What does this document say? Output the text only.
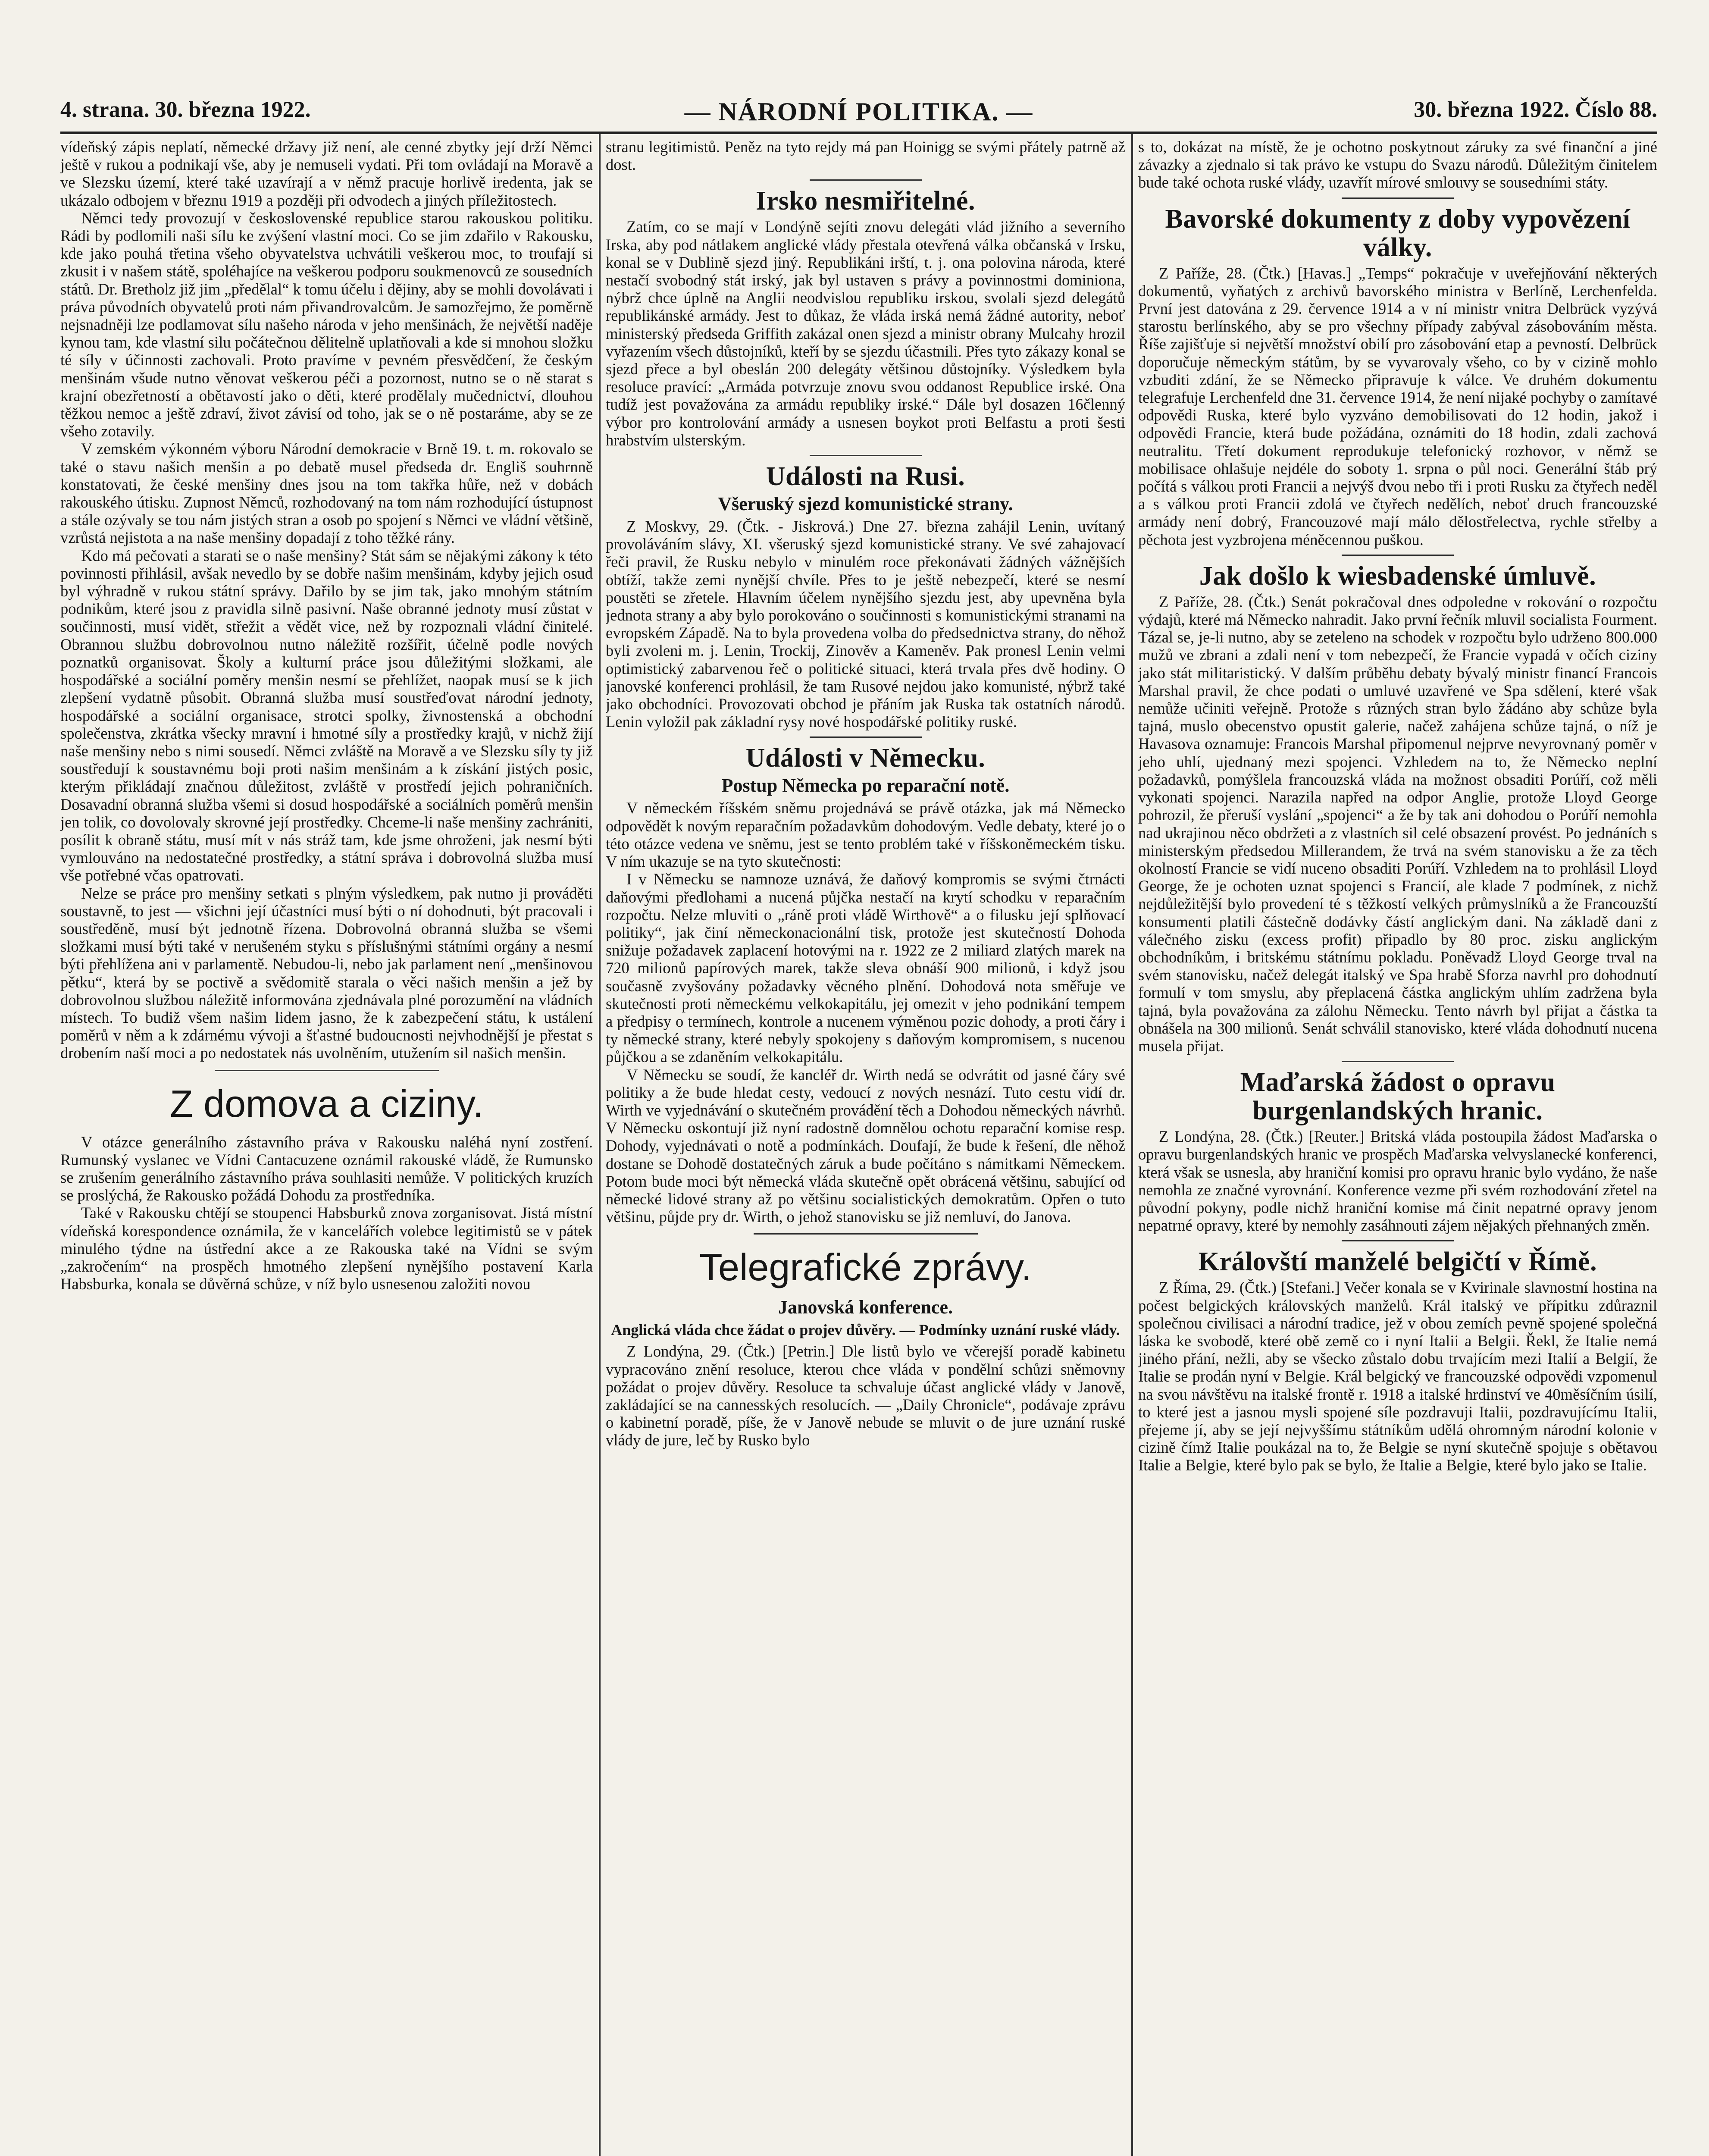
4. strana. 30. března 1922.	— NÁRODNÍ POLITIKA. —	30. března 1922. Číslo 88.

vídeňský zápis neplatí, německé državy již není, ale cenné zbytky její drží Němci ještě v rukou a podnikají vše, aby je nemuseli vydati. Při tom ovládají na Moravě a ve Slezsku území, které také uzavírají a v němž pracuje horlivě iredenta, jak se ukázalo odbojem v březnu 1919 a později při odvodech a jiných příležitostech.

Němci tedy provozují v československé republice starou rakouskou politiku. Rádi by podlomili naši sílu ke zvýšení vlastní moci. Co se jim zdařilo v Rakousku, kde jako pouhá třetina všeho obyvatelstva uchvátili veškerou moc, to troufají si zkusit i v našem státě, spoléhajíce na veškerou podporu soukmenovců ze sousedních států. Dr. Bretholz již jim „předělal“ k tomu účelu i dějiny, aby se mohli dovolávati i práva původních obyvatelů proti nám přivandrovalcům. Je samozřejmo, že poměrně nejsnadněji lze podlamovat sílu našeho národa v jeho menšinách, že největší naděje kynou tam, kde vlastní silu počátečnou dělitelně uplatňovali a kde si mnohou složku té síly v účinnosti zachovali. Proto pravíme v pevném přesvědčení, že českým menšinám všude nutno věnovat veškerou péči a pozornost, nutno se o ně starat s krajní obezřetností a obětavostí jako o děti, které prodělaly mučednictví, dlouhou těžkou nemoc a ještě zdraví, život závisí od toho, jak se o ně postaráme, aby se ze všeho zotavily.

V zemském výkonném výboru Národní demokracie v Brně 19. t. m. rokovalo se také o stavu našich menšin a po debatě musel předseda dr. Engliš souhrnně konstatovati, že české menšiny dnes jsou na tom takřka hůře, než v dobách rakouského útisku. Zupnost Němců, rozhodovaný na tom nám rozhodující ústupnost a stále ozývaly se tou nám jistých stran a osob po spojení s Němci ve vládní většině, vzrůstá nejistota a na naše menšiny dopadají z toho těžké rány.

Kdo má pečovati a starati se o naše menšiny? Stát sám se nějakými zákony k této povinnosti přihlásil, avšak nevedlo by se dobře našim menšinám, kdyby jejich osud byl výhradně v rukou státní správy. Dařilo by se jim tak, jako mnohým státním podnikům, které jsou z pravidla silně pasivní. Naše obranné jednoty musí zůstat v součinnosti, musí vidět, střežit a vědět vice, než by rozpoznali vládní činitelé. Obrannou službu dobrovolnou nutno náležitě rozšířit, účelně podle nových poznatků organisovat. Školy a kulturní práce jsou důležitými složkami, ale hospodářské a sociální poměry menšin nesmí se přehlížet, naopak musí se k jich zlepšení vydatně působit. Obranná služba musí soustřeďovat národní jednoty, hospodářské a sociální organisace, strotci spolky, živnostenská a obchodní společenstva, zkrátka všecky mravní i hmotné síly a prostředky krajů, v nichž žijí naše menšiny nebo s nimi sousedí. Němci zvláště na Moravě a ve Slezsku síly ty již soustředují k soustavnému boji proti našim menšinám a k získání jistých posic, kterým přikládají značnou důležitost, zvláště v prostředí jejich pohraničních. Dosavadní obranná služba všemi si dosud hospodářské a sociálních poměrů menšin jen tolik, co dovolovaly skrovné její prostředky. Chceme-li naše menšiny zachrániti, posílit k obraně státu, musí mít v nás stráž tam, kde jsme ohroženi, jak nesmí býti vymlouváno na nedostatečné prostředky, a státní správa i dobrovolná služba musí vše potřebné včas opatrovati.

Nelze se práce pro menšiny setkati s plným výsledkem, pak nutno ji prováděti soustavně, to jest — všichni její účastníci musí býti o ní dohodnuti, být pracovali i soustředěně, musí být jednotně řízena. Dobrovolná obranná služba se všemi složkami musí býti také v nerušeném styku s příslušnými státními orgány a nesmí býti přehlížena ani v parlamentě. Nebudou-li, nebo jak parlament není „menšinovou pětku“, která by se poctivě a svědomitě starala o věci našich menšin a jež by dobrovolnou službou náležitě informována zjednávala plné porozumění na vládních místech. To budiž všem našim lidem jasno, že k zabezpečení státu, k ustálení poměrů v něm a k zdárnému vývoji a šťastné budoucnosti nejvhodnější je přestat s drobením naší moci a po nedostatek nás uvolněním, utužením sil našich menšin.

Z domova a ciziny.

V otázce generálního zástavního práva v Rakousku naléhá nyní zostření. Rumunský vyslanec ve Vídni Cantacuzene oznámil rakouské vládě, že Rumunsko se zrušením generálního zástavního práva souhlasiti nemůže. V politických kruzích se proslýchá, že Rakousko požádá Dohodu za prostředníka.

Také v Rakousku chtějí se stoupenci Habsburků znova zorganisovat. Jistá místní vídeňská korespondence oznámila, že v kancelářích volebce legitimistů se v pátek minulého týdne na ústřední akce a ze Rakouska také na Vídni se svým „zakročením“ na prospěch hmotného zlepšení nynějšího postavení Karla Habsburka, konala se důvěrná schůze, v níž bylo usnesenou založiti novou

stranu legitimistů. Peněz na tyto rejdy má pan Hoinigg se svými přátely patrně až dost.

Irsko nesmiřitelné.

Zatím, co se mají v Londýně sejíti znovu delegáti vlád jižního a severního Irska, aby pod nátlakem anglické vlády přestala otevřená válka občanská v Irsku, konal se v Dublině sjezd jiný. Republikáni irští, t. j. ona polovina národa, které nestačí svobodný stát irský, jak byl ustaven s právy a povinnostmi dominiona, nýbrž chce úplně na Anglii neodvislou republiku irskou, svolali sjezd delegátů republikánské armády. Jest to důkaz, že vláda irská nemá žádné autority, neboť ministerský předseda Griffith zakázal onen sjezd a ministr obrany Mulcahy hrozil vyřazením všech důstojníků, kteří by se sjezdu účastnili. Přes tyto zákazy konal se sjezd přece a byl obeslán 200 delegáty většinou důstojníky. Výsledkem byla resoluce pravící: „Armáda potvrzuje znovu svou oddanost Republice irské. Ona tudíž jest považována za armádu republiky irské.“ Dále byl dosazen 16členný výbor pro kontrolování armády a usnesen boykot proti Belfastu a proti šesti hrabstvím ulsterským.

Události na Rusi.
Všeruský sjezd komunistické strany.

Z Moskvy, 29. (Čtk. - Jiskrová.) Dne 27. března zahájil Lenin, uvítaný provoláváním slávy, XI. všeruský sjezd komunistické strany. Ve své zahajovací řeči pravil, že Rusku nebylo v minulém roce překonávati žádných vážnějších obtíží, takže zemi nynější chvíle. Přes to je ještě nebezpečí, které se nesmí poustěti se zřetele. Hlavním účelem nynějšího sjezdu jest, aby upevněna byla jednota strany a aby bylo porokováno o součinnosti s komunistickými stranami na evropském Západě. Na to byla provedena volba do předsednictva strany, do něhož byli zvoleni m. j. Lenin, Trockij, Zinověv a Kameněv. Pak pronesl Lenin velmi optimistický zabarvenou řeč o politické situaci, která trvala přes dvě hodiny. O janovské konferenci prohlásil, že tam Rusové nejdou jako komunisté, nýbrž také jako obchodníci. Provozovati obchod je přáním jak Ruska tak ostatních národů. Lenin vyložil pak základní rysy nové hospodářské politiky ruské.

Události v Německu.
Postup Německa po reparační notě.

V německém říšském sněmu projednává se právě otázka, jak má Německo odpovědět k novým reparačním požadavkům dohodovým. Vedle debaty, které jo o této otázce vedena ve sněmu, jest se tento problém také v říšskoněmeckém tisku. V ním ukazuje se na tyto skutečnosti:

I v Německu se namnoze uznává, že daňový kompromis se svými čtrnácti daňovými předlohami a nucená půjčka nestačí na krytí schodku v reparačním rozpočtu. Nelze mluviti o „ráně proti vládě Wirthově“ a o filusku její splňovací politiky“, jak činí německonacionální tisk, protože jest skutečností Dohoda snižuje požadavek zaplacení hotovými na r. 1922 ze 2 miliard zlatých marek na 720 milionů papírových marek, takže sleva obnáší 900 milionů, i když jsou současně zvyšovány požadavky věcného plnění. Dohodová nota směřuje ve skutečnosti proti německému velkokapitálu, jej omezit v jeho podnikání tempem a předpisy o termínech, kontrole a nucenem výměnou pozic dohody, a proti čáry i ty německé strany, které nebyly spokojeny s daňovým kompromisem, s nucenou půjčkou a se zdaněním velkokapitálu.

V Německu se soudí, že kancléř dr. Wirth nedá se odvrátit od jasné čáry své politiky a že bude hledat cesty, vedoucí z nových nesnází. Tuto cestu vidí dr. Wirth ve vyjednávání o skutečném provádění těch a Dohodou německých návrhů. V Německu oskontují již nyní radostně domnělou ochotu reparační komise resp. Dohody, vyjednávati o notě a podmínkách. Doufají, že bude k řešení, dle něhož dostane se Dohodě dostatečných záruk a bude počítáno s námitkami Německem. Potom bude moci být německá vláda skutečně opět obrácená většinu, sabující od německé lidové strany až po většinu socialistických demokratům. Opřen o tuto většinu, půjde pry dr. Wirth, o jehož stanovisku se již nemluví, do Janova.

Telegrafické zprávy.
Janovská konference.
Anglická vláda chce žádat o projev důvěry. — Podmínky uznání ruské vlády.

Z Londýna, 29. (Čtk.) [Petrin.] Dle listů bylo ve včerejší poradě kabinetu vypracováno znění resoluce, kterou chce vláda v pondělní schůzi sněmovny požádat o projev důvěry. Resoluce ta schvaluje účast anglické vlády v Janově, zakládající se na cannesských resolucích. — „Daily Chronicle“, podávaje zprávu o kabinetní poradě, píše, že v Janově nebude se mluvit o de jure uznání ruské vlády de jure, leč by Rusko bylo

s to, dokázat na místě, že je ochotno poskytnout záruky za své finanční a jiné závazky a zjednalo si tak právo ke vstupu do Svazu národů. Důležitým činitelem bude také ochota ruské vlády, uzavřít mírové smlouvy se sousedními státy.

Bavorské dokumenty z doby vypovězení války.

Z Paříže, 28. (Čtk.) [Havas.] „Temps“ pokračuje v uveřejňování některých dokumentů, vyňatých z archivů bavorského ministra v Berlíně, Lerchenfelda. První jest datována z 29. července 1914 a v ní ministr vnitra Delbrück vyzývá starostu berlínského, aby se pro všechny případy zabýval zásobováním města. Říše zajišťuje si největší množství obilí pro zásobování etap a pevností. Delbrück doporučuje německým státům, by se vyvarovaly všeho, co by v cizině mohlo vzbuditi zdání, že se Německo připravuje k válce. Ve druhém dokumentu telegrafuje Lerchenfeld dne 31. července 1914, že není nijaké pochyby o zamítavé odpovědi Ruska, které bylo vyzváno demobilisovati do 12 hodin, jakož i odpovědi Francie, která bude požádána, oznámiti do 18 hodin, zdali zachová neutralitu. Třetí dokument reprodukuje telefonický rozhovor, v němž se mobilisace ohlašuje nejdéle do soboty 1. srpna o půl noci. Generální štáb prý počítá s válkou proti Francii a nejvýš dvou nebo tři i proti Rusku za čtyřech neděl a s válkou proti Francii zdolá ve čtyřech nedělích, neboť druch francouzské armády není dobrý, Francouzové mají málo dělostřelectva, rychle střelby a pěchota jest vyzbrojena méněcennou puškou.

Jak došlo k wiesbadenské úmluvě.

Z Paříže, 28. (Čtk.) Senát pokračoval dnes odpoledne v rokování o rozpočtu výdajů, které má Německo nahradit. Jako první řečník mluvil socialista Fourment. Tázal se, je-li nutno, aby se zeteleno na schodek v rozpočtu bylo udrženo 800.000 mužů ve zbrani a zdali není v tom nebezpečí, že Francie vypadá v očích ciziny jako stát militaristický. V dalším průběhu debaty bývalý ministr financí Francois Marshal pravil, že chce podati o umluvé uzavřené ve Spa sdělení, které však nemůže učiniti veřejně. Protože s různých stran bylo žádáno aby schůze byla tajná, muslo obecenstvo opustit galerie, načež zahájena schůze tajná, o níž je Havasova oznamuje: Francois Marshal připomenul nejprve nevyrovnaný poměr v jeho uhlí, ujednaný mezi spojenci. Vzhledem na to, že Německo neplní požadavků, pomýšlela francouzská vláda na možnost obsaditi Porúří, což měli vykonati spojenci. Narazila napřed na odpor Anglie, protože Lloyd George pohrozil, že přeruší vyslání „spojenci“ a že by tak ani dohodou o Porúří nemohla nad ukrajinou něco obdržeti a z vlastních sil celé obsazení provést. Po jednáních s ministerským předsedou Millerandem, že trvá na svém stanovisku a že za těch okolností Francie se vidí nuceno obsaditi Porúří. Vzhledem na to prohlásil Lloyd George, že je ochoten uznat spojenci s Francií, ale klade 7 podmínek, z nichž nejdůležitější bylo provedení té s těžkostí velkých průmyslníků a že Francouzští konsumenti platili částečně dodávky částí anglickým dani. Na základě dani z válečného zisku (excess profit) připadlo by 80 proc. zisku anglickým obchodníkům, i britskému státnímu pokladu. Poněvadž Lloyd George trval na svém stanovisku, načež delegát italský ve Spa hrabě Sforza navrhl pro dohodnutí formulí v tom smyslu, aby přeplacená částka anglickým uhlím zadržena byla tajná, byla považována za zálohu Německu. Tento návrh byl přijat a částka ta obnášela na 300 milionů. Senát schválil stanovisko, které vláda dohodnutí nucena musela přijat.

Maďarská žádost o opravu burgenlandských hranic.

Z Londýna, 28. (Čtk.) [Reuter.] Britská vláda postoupila žádost Maďarska o opravu burgenlandských hranic ve prospěch Maďarska velvyslanecké konferenci, která však se usnesla, aby hraniční komisi pro opravu hranic bylo vydáno, že naše nemohla ze značné vyrovnání. Konference vezme při svém rozhodování zřetel na původní pokyny, podle nichž hraniční komise má činit nepatrné opravy jenom nepatrné opravy, které by nemohly zasáhnouti zájem nějakých přehnaných změn.

Královští manželé belgičtí v Římě.

Z Říma, 29. (Čtk.) [Stefani.] Večer konala se v Kvirinale slavnostní hostina na počest belgických královských manželů. Král italský ve přípitku zdůraznil společnou civilisaci a národní tradice, jež v obou zemích pevně spojené společná láska ke svobodě, které obě země co i nyní Italii a Belgii. Řekl, že Italie nemá jiného přání, nežli, aby se všecko zůstalo dobu trvajícím mezi Italií a Belgií, že Italie se prodán nyní v Belgie. Král belgický ve francouzské odpovědi vzpomenul na svou návštěvu na italské frontě r. 1918 a italské hrdinství ve 40měsíčním úsilí, to které jest a jasnou mysli spojené síle pozdravuji Italii, pozdravujícímu Italii, přejeme jí, aby se její nejvyššímu státníkům udělá ohromným národní kolonie v cizině čímž Italie poukázal na to, že Belgie se nyní skutečně spojuje s obětavou Italie a Belgie, které bylo pak se bylo, že Italie a Belgie, které bylo jako se Italie.
